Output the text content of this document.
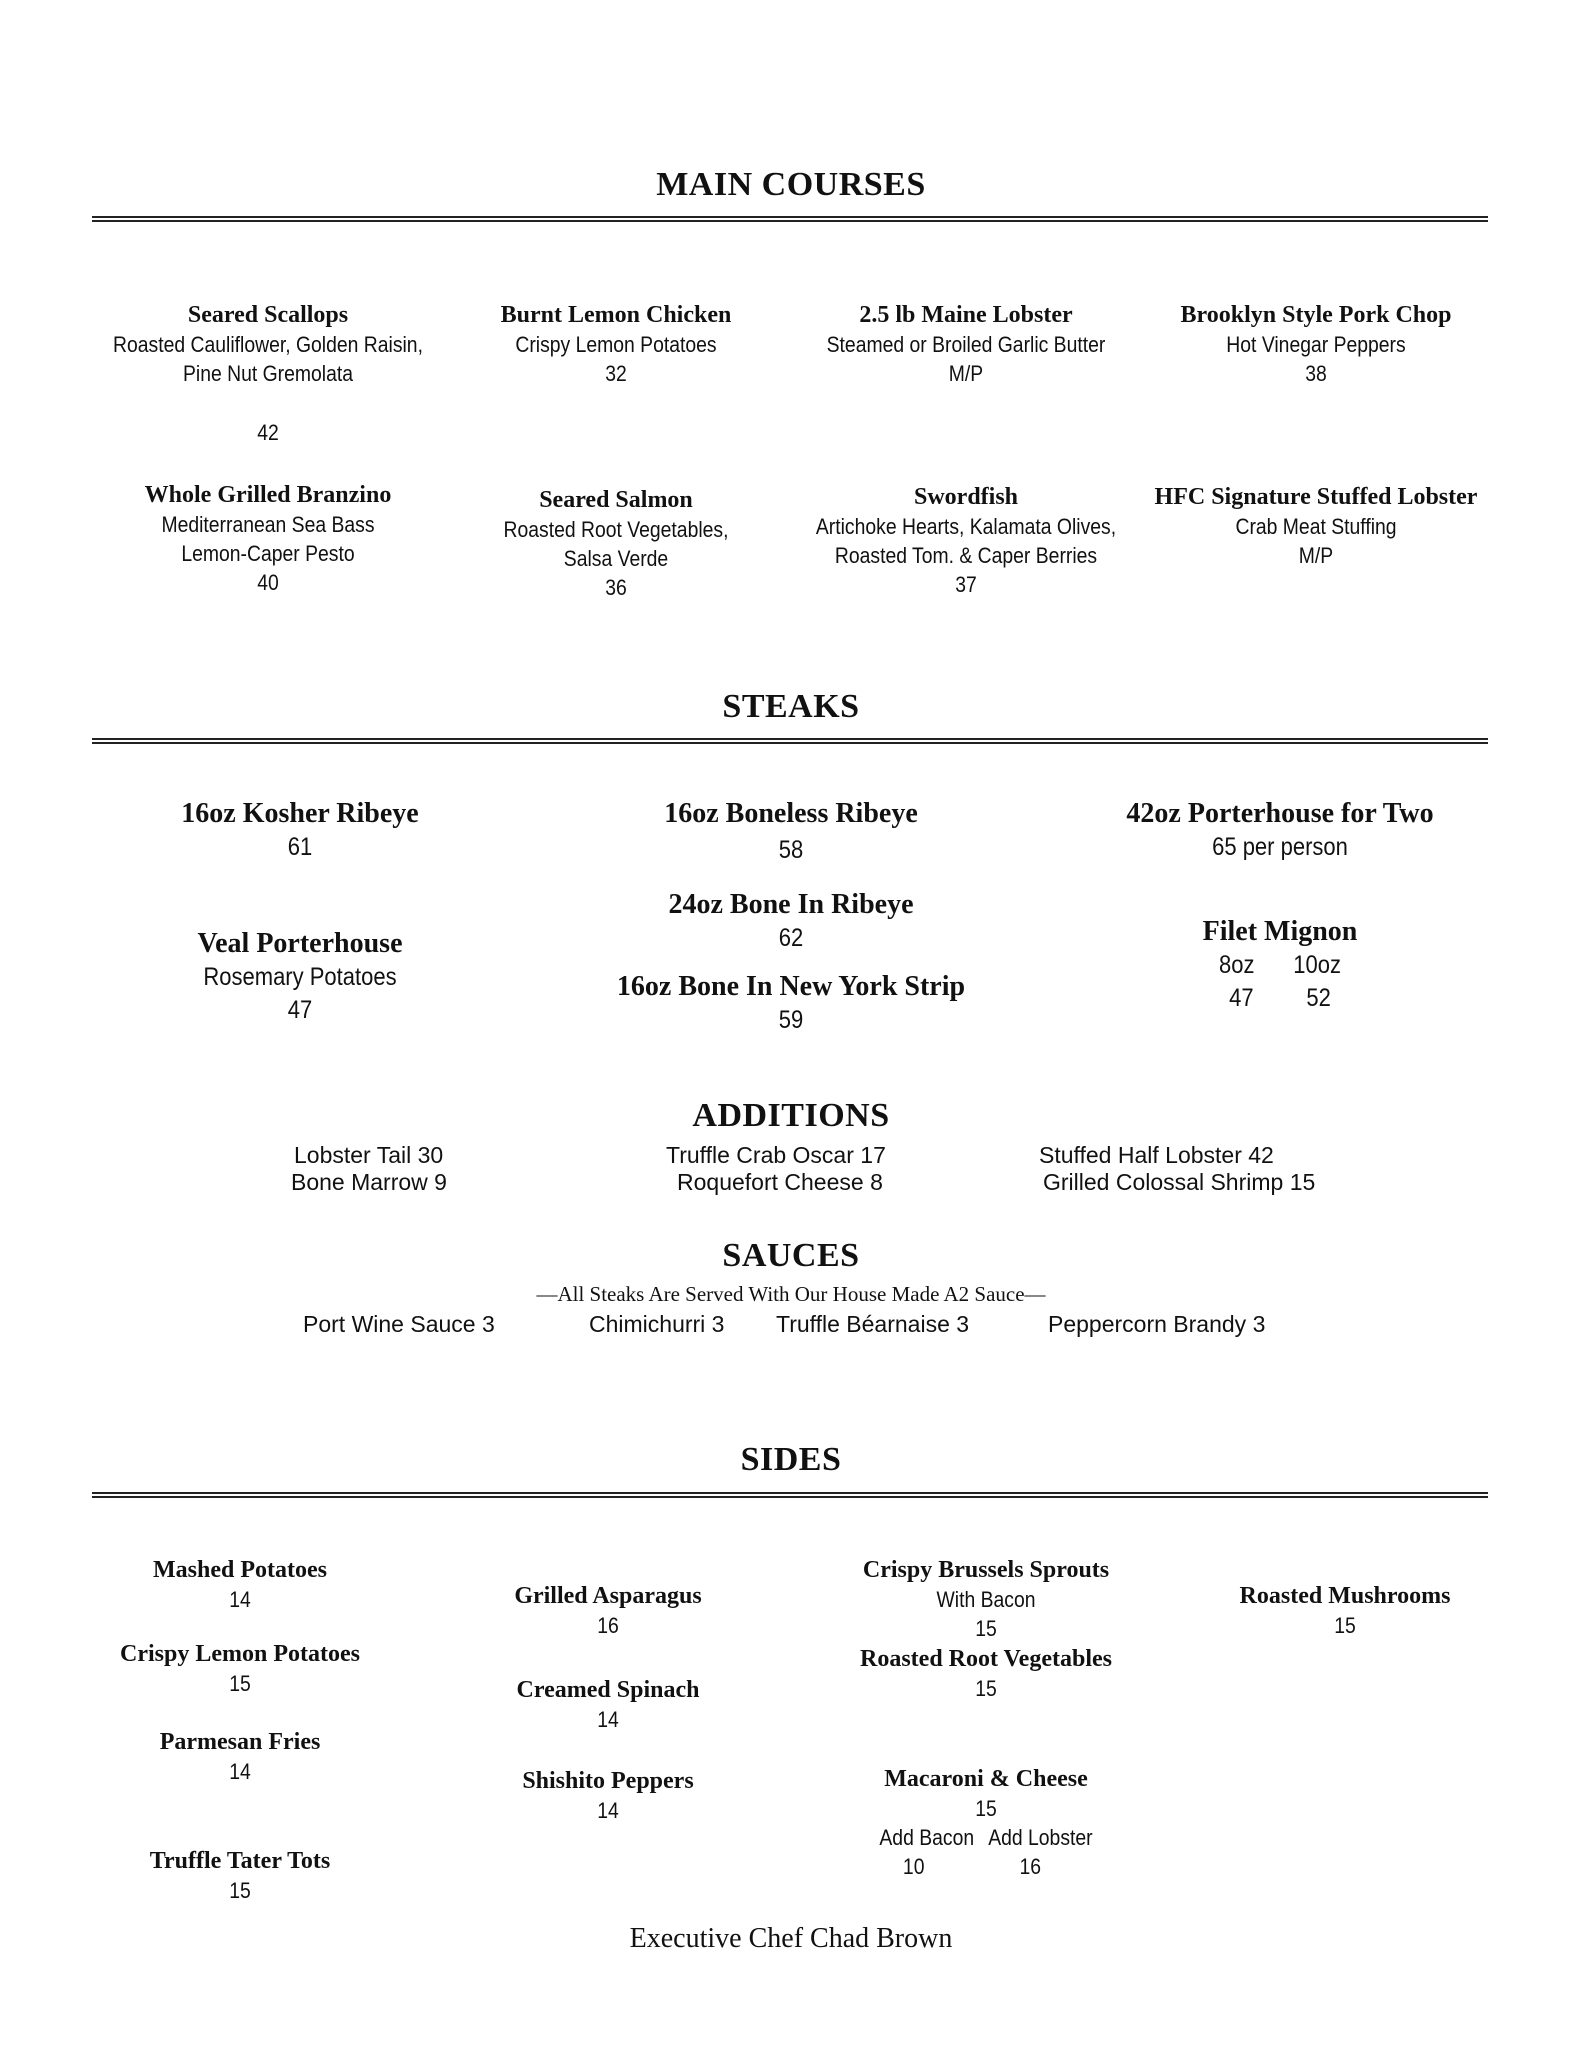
MAIN COURSES
Seared Scallops
Roasted Cauliflower, Golden Raisin,
Pine Nut Gremolata
42
Burnt Lemon Chicken
Crispy Lemon Potatoes
32
2.5 lb Maine Lobster
Steamed or Broiled Garlic Butter
M/P
Brooklyn Style Pork Chop
Hot Vinegar Peppers
38
Whole Grilled Branzino
Mediterranean Sea Bass
Lemon-Caper Pesto
40
Seared Salmon
Roasted Root Vegetables,
Salsa Verde
36
Swordfish
Artichoke Hearts, Kalamata Olives,
Roasted Tom. & Caper Berries
37
HFC Signature Stuffed Lobster
Crab Meat Stuffing
M/P
STEAKS
16oz Kosher Ribeye
61
16oz Boneless Ribeye
58
42oz Porterhouse for Two
65 per person
24oz Bone In Ribeye
62
Veal Porterhouse
Rosemary Potatoes
47
Filet Mignon
8oz 10oz
47 52
16oz Bone In New York Strip
59
ADDITIONS
Lobster Tail 30	Truffle Crab Oscar 17	Stuffed Half Lobster 42
Bone Marrow 9	Roquefort Cheese 8	Grilled Colossal Shrimp 15
SAUCES
—All Steaks Are Served With Our House Made A2 Sauce—
Port Wine Sauce 3	Chimichurri 3 Truffle Béarnaise 3	Peppercorn Brandy 3
SIDES
Mashed Potatoes
14
Crispy Lemon Potatoes
15
Parmesan Fries
14
Truffle Tater Tots
15
Grilled Asparagus
16
Creamed Spinach
14
Shishito Peppers
14
Crispy Brussels Sprouts
With Bacon
15
Roasted Root Vegetables
15
Macaroni & Cheese
15
Add Bacon Add Lobster
10	16
Roasted Mushrooms
15
Executive Chef Chad Brown
